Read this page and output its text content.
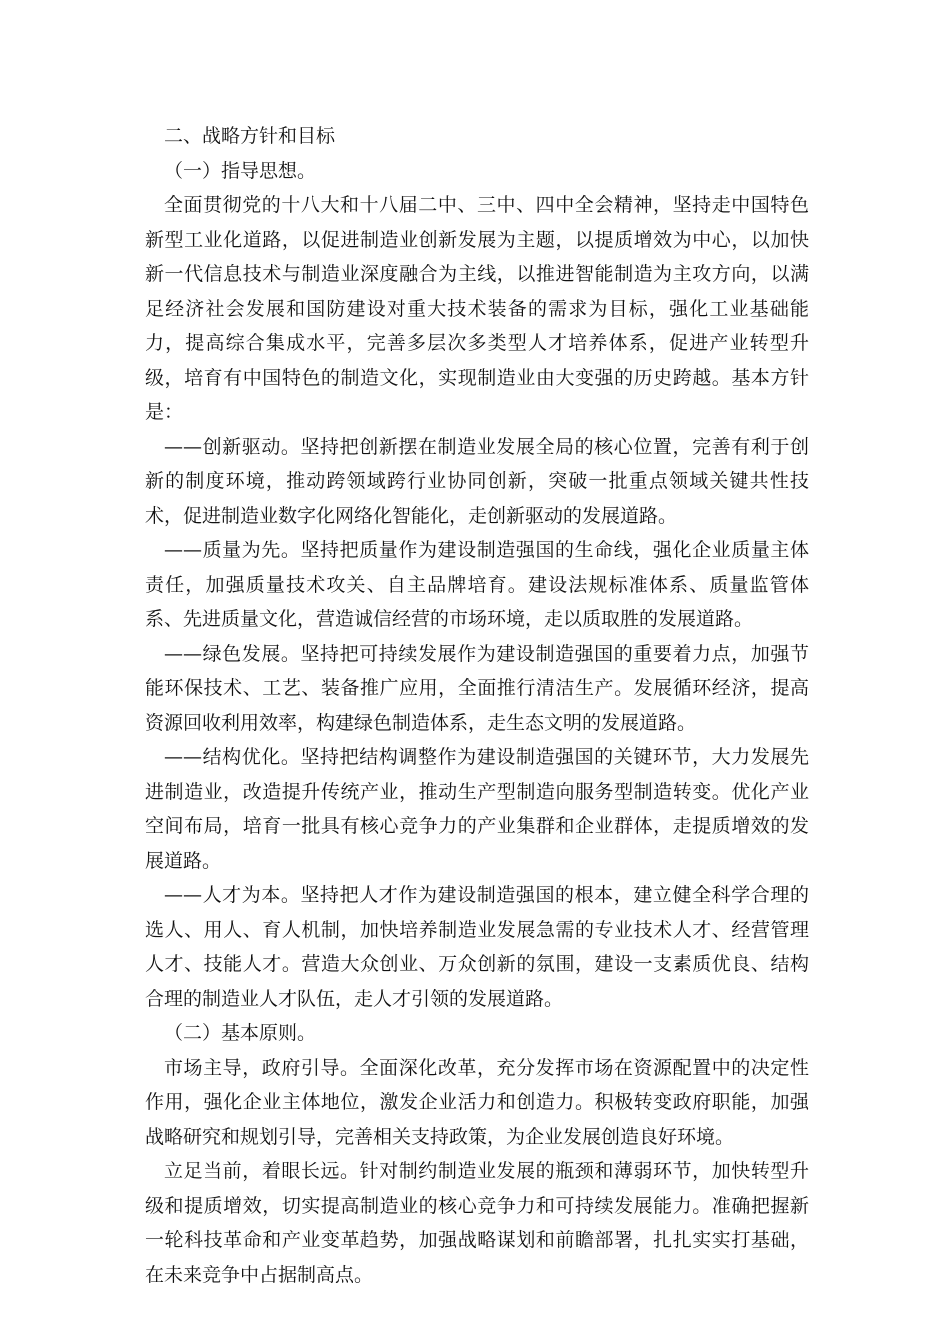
二、战略方针和目标

（一）指导思想。

全面贯彻党的十八大和十八届二中、三中、四中全会精神，坚持走中国特色新型工业化道路，以促进制造业创新发展为主题，以提质增效为中心，以加快新一代信息技术与制造业深度融合为主线，以推进智能制造为主攻方向，以满足经济社会发展和国防建设对重大技术装备的需求为目标，强化工业基础能力，提高综合集成水平，完善多层次多类型人才培养体系，促进产业转型升级，培育有中国特色的制造文化，实现制造业由大变强的历史跨越。基本方针是：

——创新驱动。坚持把创新摆在制造业发展全局的核心位置，完善有利于创新的制度环境，推动跨领域跨行业协同创新，突破一批重点领域关键共性技术，促进制造业数字化网络化智能化，走创新驱动的发展道路。

——质量为先。坚持把质量作为建设制造强国的生命线，强化企业质量主体责任，加强质量技术攻关、自主品牌培育。建设法规标准体系、质量监管体系、先进质量文化，营造诚信经营的市场环境，走以质取胜的发展道路。

——绿色发展。坚持把可持续发展作为建设制造强国的重要着力点，加强节能环保技术、工艺、装备推广应用，全面推行清洁生产。发展循环经济，提高资源回收利用效率，构建绿色制造体系，走生态文明的发展道路。

——结构优化。坚持把结构调整作为建设制造强国的关键环节，大力发展先进制造业，改造提升传统产业，推动生产型制造向服务型制造转变。优化产业空间布局，培育一批具有核心竞争力的产业集群和企业群体，走提质增效的发展道路。

——人才为本。坚持把人才作为建设制造强国的根本，建立健全科学合理的选人、用人、育人机制，加快培养制造业发展急需的专业技术人才、经营管理人才、技能人才。营造大众创业、万众创新的氛围，建设一支素质优良、结构合理的制造业人才队伍，走人才引领的发展道路。

（二）基本原则。

市场主导，政府引导。全面深化改革，充分发挥市场在资源配置中的决定性作用，强化企业主体地位，激发企业活力和创造力。积极转变政府职能，加强战略研究和规划引导，完善相关支持政策，为企业发展创造良好环境。

立足当前，着眼长远。针对制约制造业发展的瓶颈和薄弱环节，加快转型升级和提质增效，切实提高制造业的核心竞争力和可持续发展能力。准确把握新一轮科技革命和产业变革趋势，加强战略谋划和前瞻部署，扎扎实实打基础，在未来竞争中占据制高点。
